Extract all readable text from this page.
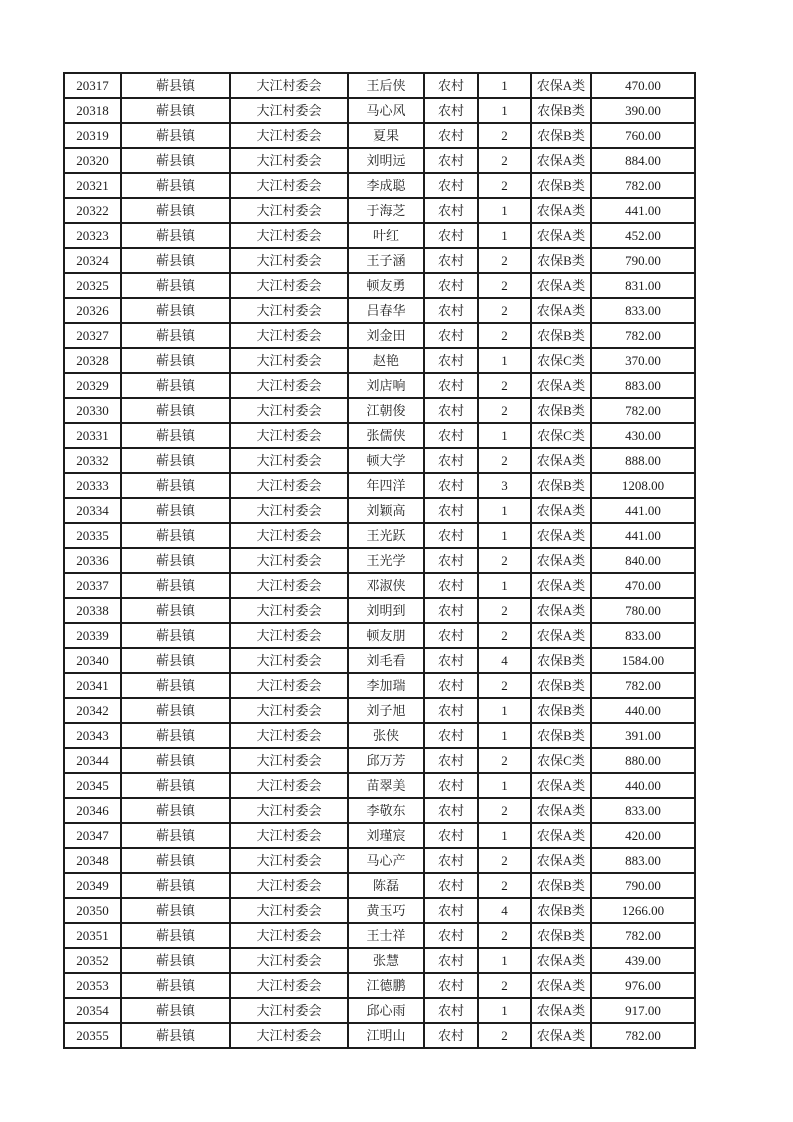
20317	蕲县镇	大江村委会	王后侠	农村	1	农保A类	470.00
20318	蕲县镇	大江村委会	马心风	农村	1	农保B类	390.00
20319	蕲县镇	大江村委会	夏果	农村	2	农保B类	760.00
20320	蕲县镇	大江村委会	刘明远	农村	2	农保A类	884.00
20321	蕲县镇	大江村委会	李成聪	农村	2	农保B类	782.00
20322	蕲县镇	大江村委会	于海芝	农村	1	农保A类	441.00
20323	蕲县镇	大江村委会	叶红	农村	1	农保A类	452.00
20324	蕲县镇	大江村委会	王子涵	农村	2	农保B类	790.00
20325	蕲县镇	大江村委会	顿友勇	农村	2	农保A类	831.00
20326	蕲县镇	大江村委会	吕春华	农村	2	农保A类	833.00
20327	蕲县镇	大江村委会	刘金田	农村	2	农保B类	782.00
20328	蕲县镇	大江村委会	赵艳	农村	1	农保C类	370.00
20329	蕲县镇	大江村委会	刘店响	农村	2	农保A类	883.00
20330	蕲县镇	大江村委会	江朝俊	农村	2	农保B类	782.00
20331	蕲县镇	大江村委会	张儒侠	农村	1	农保C类	430.00
20332	蕲县镇	大江村委会	顿大学	农村	2	农保A类	888.00
20333	蕲县镇	大江村委会	年四洋	农村	3	农保B类	1208.00
20334	蕲县镇	大江村委会	刘颖高	农村	1	农保A类	441.00
20335	蕲县镇	大江村委会	王光跃	农村	1	农保A类	441.00
20336	蕲县镇	大江村委会	王光学	农村	2	农保A类	840.00
20337	蕲县镇	大江村委会	邓淑侠	农村	1	农保A类	470.00
20338	蕲县镇	大江村委会	刘明到	农村	2	农保A类	780.00
20339	蕲县镇	大江村委会	顿友朋	农村	2	农保A类	833.00
20340	蕲县镇	大江村委会	刘毛看	农村	4	农保B类	1584.00
20341	蕲县镇	大江村委会	李加瑞	农村	2	农保B类	782.00
20342	蕲县镇	大江村委会	刘子旭	农村	1	农保B类	440.00
20343	蕲县镇	大江村委会	张侠	农村	1	农保B类	391.00
20344	蕲县镇	大江村委会	邱万芳	农村	2	农保C类	880.00
20345	蕲县镇	大江村委会	苗翠美	农村	1	农保A类	440.00
20346	蕲县镇	大江村委会	李敬东	农村	2	农保A类	833.00
20347	蕲县镇	大江村委会	刘瑾宸	农村	1	农保A类	420.00
20348	蕲县镇	大江村委会	马心产	农村	2	农保A类	883.00
20349	蕲县镇	大江村委会	陈磊	农村	2	农保B类	790.00
20350	蕲县镇	大江村委会	黄玉巧	农村	4	农保B类	1266.00
20351	蕲县镇	大江村委会	王士祥	农村	2	农保B类	782.00
20352	蕲县镇	大江村委会	张慧	农村	1	农保A类	439.00
20353	蕲县镇	大江村委会	江德鹏	农村	2	农保A类	976.00
20354	蕲县镇	大江村委会	邱心雨	农村	1	农保A类	917.00
20355	蕲县镇	大江村委会	江明山	农村	2	农保A类	782.00
